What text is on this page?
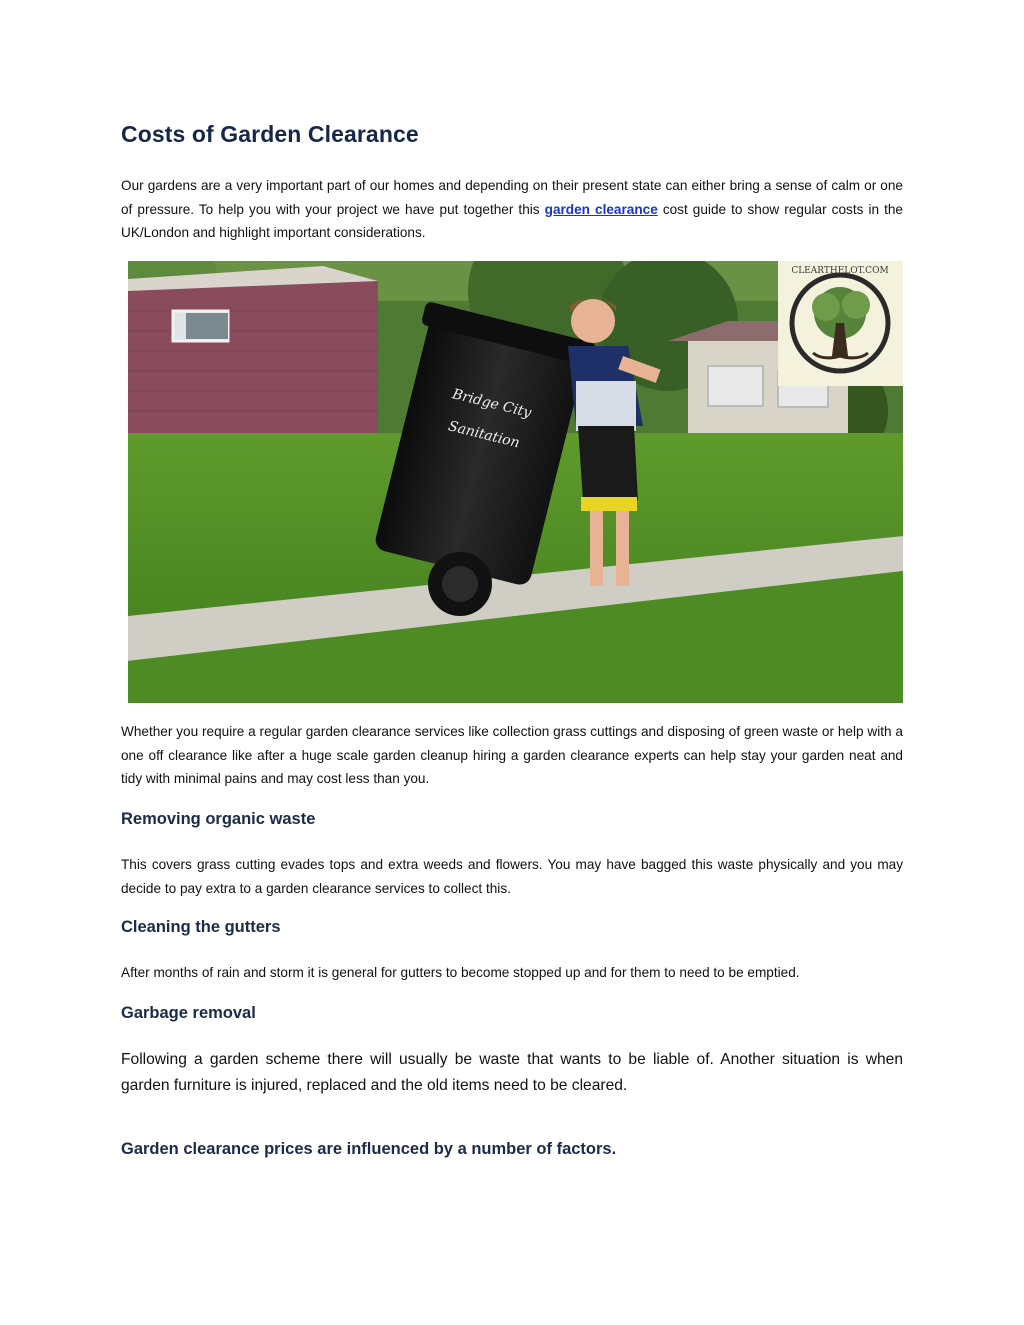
Costs of Garden Clearance

Our gardens are a very important part of our homes and depending on their present state can either bring a sense of calm or one of pressure. To help you with your project we have put together this garden clearance cost guide to show regular costs in the UK/London and highlight important considerations.

Bridge City
Sanitation
CLEARTHELOT.COM

Whether you require a regular garden clearance services like collection grass cuttings and disposing of green waste or help with a one off clearance like after a huge scale garden cleanup hiring a garden clearance experts can help stay your garden neat and tidy with minimal pains and may cost less than you.

Removing organic waste

This covers grass cutting evades tops and extra weeds and flowers. You may have bagged this waste physically and you may decide to pay extra to a garden clearance services to collect this.

Cleaning the gutters

After months of rain and storm it is general for gutters to become stopped up and for them to need to be emptied.

Garbage removal

Following a garden scheme there will usually be waste that wants to be liable of. Another situation is when garden furniture is injured, replaced and the old items need to be cleared.

Garden clearance prices are influenced by a number of factors.
